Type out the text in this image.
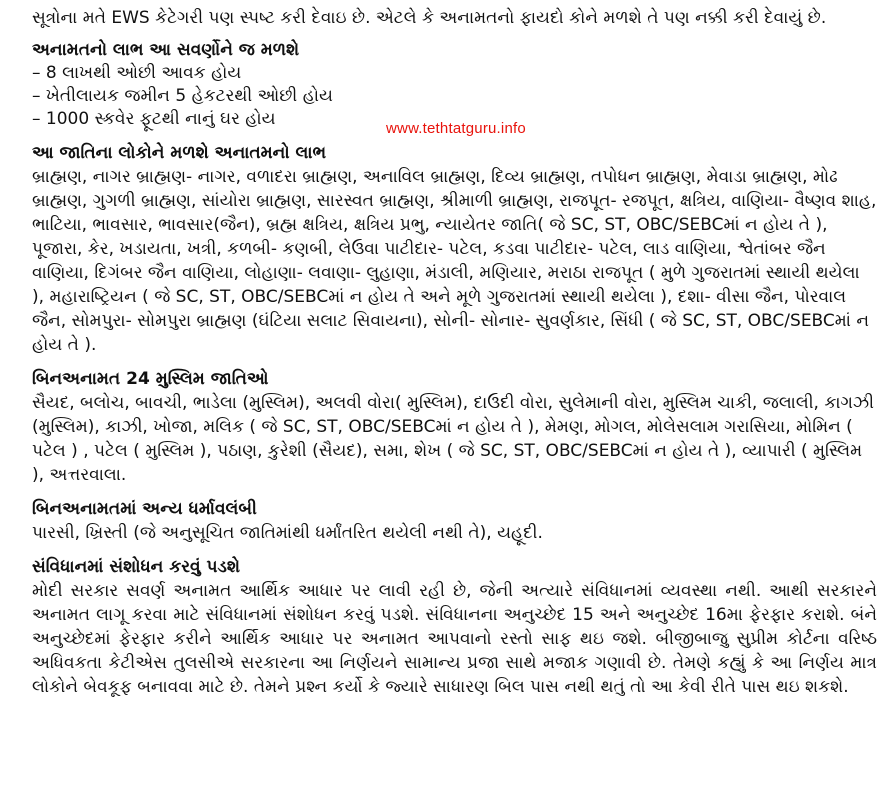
સૂત્રોના મતે EWS કેટેગરી પણ સ્પષ્ટ કરી દેવાઇ છે. એટલે કે અનામતનો ફાયદો કોને મળશે તે પણ નક્કી કરી દેવાયું છે.

અનામતનો લાભ આ સવર્ણોને જ મળશે

– 8 લાખથી ઓછી આવક હોય

– ખેતીલાયક જમીન 5 હેકટરથી ઓછી હોય

– 1000 સ્કવેર ફૂટથી નાનું ઘર હોય

આ જાતિના લોકોને મળશે અનાતમનો લાભ

બ્રાહ્મણ, નાગર બ્રાહ્મણ- નાગર, વળાદરા બ્રાહ્મણ, અનાવિલ બ્રાહ્મણ, દિવ્ય બ્રાહ્મણ, તપોધન બ્રાહ્મણ, મેવાડા બ્રાહ્મણ, મોઢ બ્રાહ્મણ, ગુગળી બ્રાહ્મણ, સાંયોરા બ્રાહ્મણ, સારસ્વત બ્રાહ્મણ, શ્રીમાળી બ્રાહ્મણ, રાજપૂત- રજપૂત, ક્ષત્રિય, વાણિયા- વૈષ્ણવ શાહ, ભાટિયા, ભાવસાર, ભાવસાર(જૈન), બ્રહ્મ ક્ષત્રિય, ક્ષત્રિય પ્રભુ, ન્યાયેતર જાતિ( જે SC, ST, OBC/SEBCમાં ન હોય તે ), પૂજારા, કેર, ખડાયતા, ખત્રી, કળબી- કણબી, લેઉવા પાટીદાર- પટેલ, કડવા પાટીદાર- પટેલ, લાડ વાણિયા, શ્વેતાંબર જૈન વાણિયા, દિગંબર જૈન વાણિયા, લોહાણા- લવાણા- લુહાણા, મંડાલી, મણિયાર, મરાઠા રાજપૂત ( મુળે ગુજરાતમાં સ્થાયી થયેલા ), મહારાષ્ટ્રિયન ( જે SC, ST, OBC/SEBCમાં ન હોય તે અને મૂળે ગુજરાતમાં સ્થાયી થયેલા ), દશા- વીસા જૈન, પોરવાલ જૈન, સોમપુરા- સોમપુરા બ્રાહ્મણ (ઘંટિયા સલાટ સિવાયના), સોની- સોનાર- સુવર્ણકાર, સિંધી ( જે SC, ST, OBC/SEBCમાં ન હોય તે ).

બિનઅનામત 24 મુસ્લિમ જાતિઓ

સૈયદ, બલોચ, બાવચી, ભાડેલા (મુસ્લિમ), અલવી વોરા( મુસ્લિમ), દાઉદી વોરા, સુલેમાની વોરા, મુસ્લિમ ચાકી, જલાલી, કાગઝી (મુસ્લિમ), કાઝી, ખોજા, મલિક ( જે SC, ST, OBC/SEBCમાં ન હોય તે ), મેમણ, મોગલ, મોલેસલામ ગરાસિયા, મોમિન ( પટેલ ) , પટેલ ( મુસ્લિમ ), પઠાણ, કુરેશી (સૈયદ), સમા, શેખ ( જે SC, ST, OBC/SEBCમાં ન હોય તે ), વ્યાપારી ( મુસ્લિમ ), અત્તરવાલા.

બિનઅનામતમાં અન્ય ધર્માવલંબી

પારસી, ખ્રિસ્તી (જે અનુસૂચિત જાતિમાંથી ધર્માંતરિત થયેલી નથી તે), યહૂદી.

સંવિધાનમાં સંશોધન કરવું પડશે

મોદી સરકાર સવર્ણ અનામત આર્થિક આધાર પર લાવી રહી છે, જેની અત્યારે સંવિધાનમાં વ્યવસ્થા નથી. આથી સરકારને અનામત લાગૂ કરવા માટે સંવિધાનમાં સંશોધન કરવું પડશે. સંવિધાનના અનુચ્છેદ 15 અને અનુચ્છેદ 16મા ફેરફાર કરાશે. બંને અનુચ્છેદમાં ફેરફાર કરીને આર્થિક આધાર પર અનામત આપવાનો રસ્તો સાફ થઇ જશે. બીજીબાજુ સુપ્રીમ કોર્ટના વરિષ્ઠ અધિવકતા કેટીએસ તુલસીએ સરકારના આ નિર્ણયને સામાન્ય પ્રજા સાથે મજાક ગણાવી છે. તેમણે કહ્યું કે આ નિર્ણય માત્ર લોકોને બેવકૂફ બનાવવા માટે છે. તેમને પ્રશ્ન કર્યો કે જ્યારે સાધારણ બિલ પાસ નથી થતું તો આ કેવી રીતે પાસ થઇ શકશે.

www.tethtatguru.info
